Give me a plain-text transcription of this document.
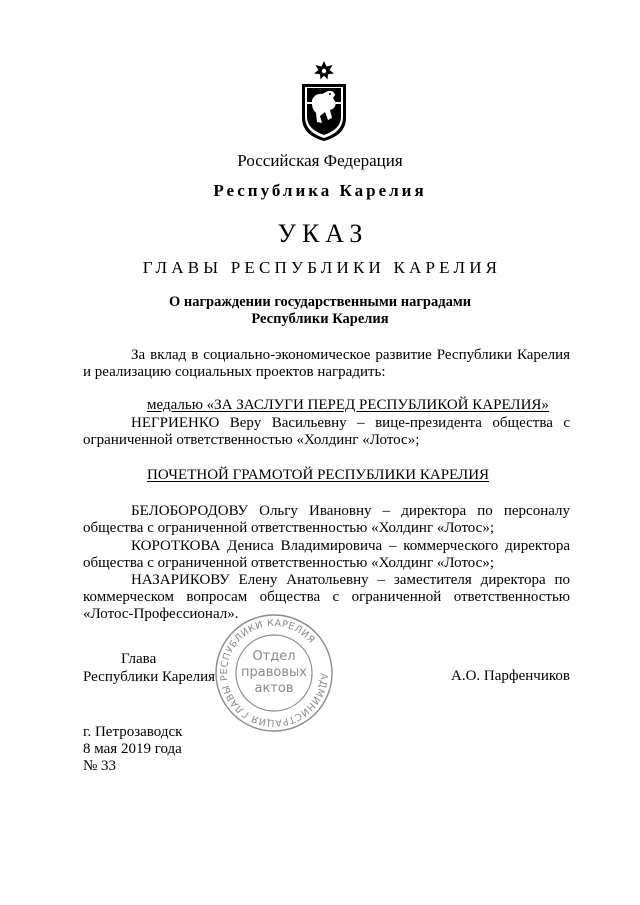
Российская Федерация
Республика Карелия
УКАЗ
ГЛАВЫ РЕСПУБЛИКИ КАРЕЛИЯ
О награждении государственными наградами
Республики Карелия
За вклад в социально-экономическое развитие Республики Карелия и реализацию социальных проектов наградить:
медалью «ЗА ЗАСЛУГИ ПЕРЕД РЕСПУБЛИКОЙ КАРЕЛИЯ»
НЕГРИЕНКО Веру Васильевну – вице-президента общества с ограниченной ответственностью «Холдинг «Лотос»;
ПОЧЕТНОЙ ГРАМОТОЙ РЕСПУБЛИКИ КАРЕЛИЯ
БЕЛОБОРОДОВУ Ольгу Ивановну – директора по персоналу общества с ограниченной ответственностью «Холдинг «Лотос»;
КОРОТКОВА Дениса Владимировича – коммерческого директора общества с ограниченной ответственностью «Холдинг «Лотос»;
НАЗАРИКОВУ Елену Анатольевну – заместителя директора по коммерческом вопросам общества с ограниченной ответственностью «Лотос-Профессионал».
АДМИНИСТРАЦИЯ ГЛАВЫ РЕСПУБЛИКИ КАРЕЛИЯ
Отдел
правовых
актов
Глава
Республики Карелия	А.О. Парфенчиков
г. Петрозаводск
8 мая 2019 года
№ 33
